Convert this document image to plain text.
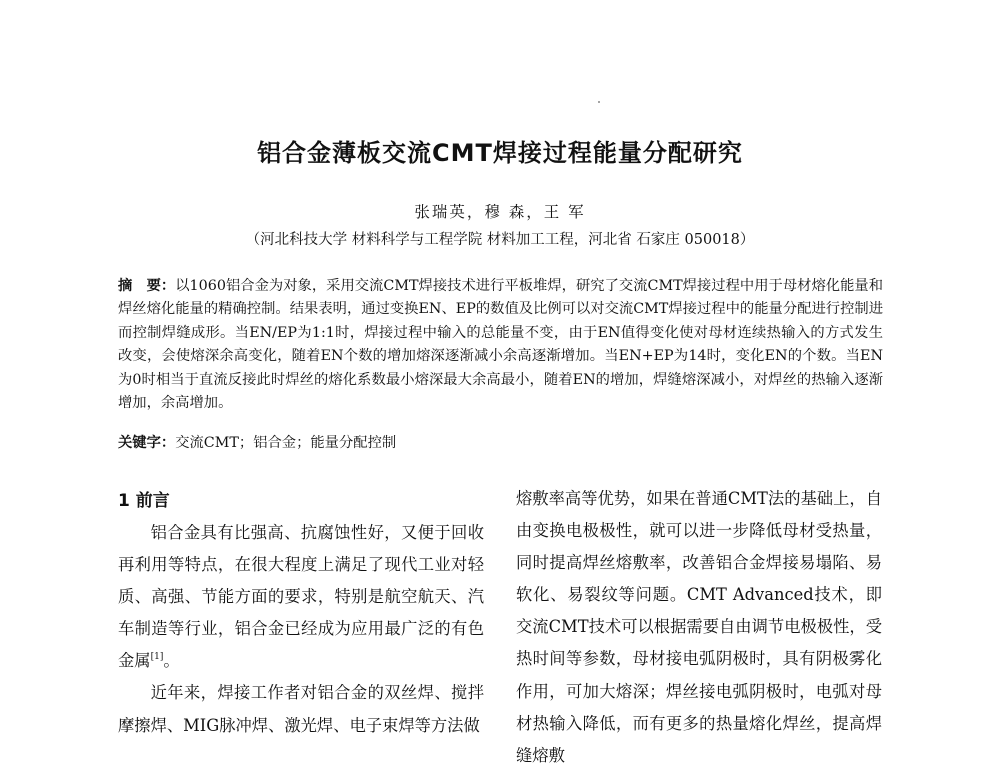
铝合金薄板交流CMT焊接过程能量分配研究
张瑞英，穆 森，王 军
（河北科技大学 材料科学与工程学院 材料加工工程，河北省 石家庄 050018）
摘　要：以1060铝合金为对象，采用交流CMT焊接技术进行平板堆焊，研究了交流CMT焊接过程中用于母材熔化能量和焊丝熔化能量的精确控制。结果表明，通过变换EN、EP的数值及比例可以对交流CMT焊接过程中的能量分配进行控制进而控制焊缝成形。当EN/EP为1:1时，焊接过程中输入的总能量不变，由于EN值得变化使对母材连续热输入的方式发生改变，会使熔深余高变化，随着EN个数的增加熔深逐渐减小余高逐渐增加。当EN+EP为14时，变化EN的个数。当EN为0时相当于直流反接此时焊丝的熔化系数最小熔深最大余高最小，随着EN的增加，焊缝熔深减小，对焊丝的热输入逐渐增加，余高增加。
关键字：交流CMT；铝合金；能量分配控制
1 前言

铝合金具有比强高、抗腐蚀性好，又便于回收再利用等特点，在很大程度上满足了现代工业对轻质、高强、节能方面的要求，特别是航空航天、汽车制造等行业，铝合金已经成为应用最广泛的有色金属[1]。

近年来，焊接工作者对铝合金的双丝焊、搅拌摩擦焊、MIG脉冲焊、激光焊、电子束焊等方法做

熔敷率高等优势，如果在普通CMT法的基础上，自由变换电极极性，就可以进一步降低母材受热量，同时提高焊丝熔敷率，改善铝合金焊接易塌陷、易软化、易裂纹等问题。CMT Advanced技术，即交流CMT技术可以根据需要自由调节电极极性，受热时间等参数，母材接电弧阴极时，具有阴极雾化作用，可加大熔深；焊丝接电弧阴极时，电弧对母材热输入降低，而有更多的热量熔化焊丝，提高焊缝熔敷
